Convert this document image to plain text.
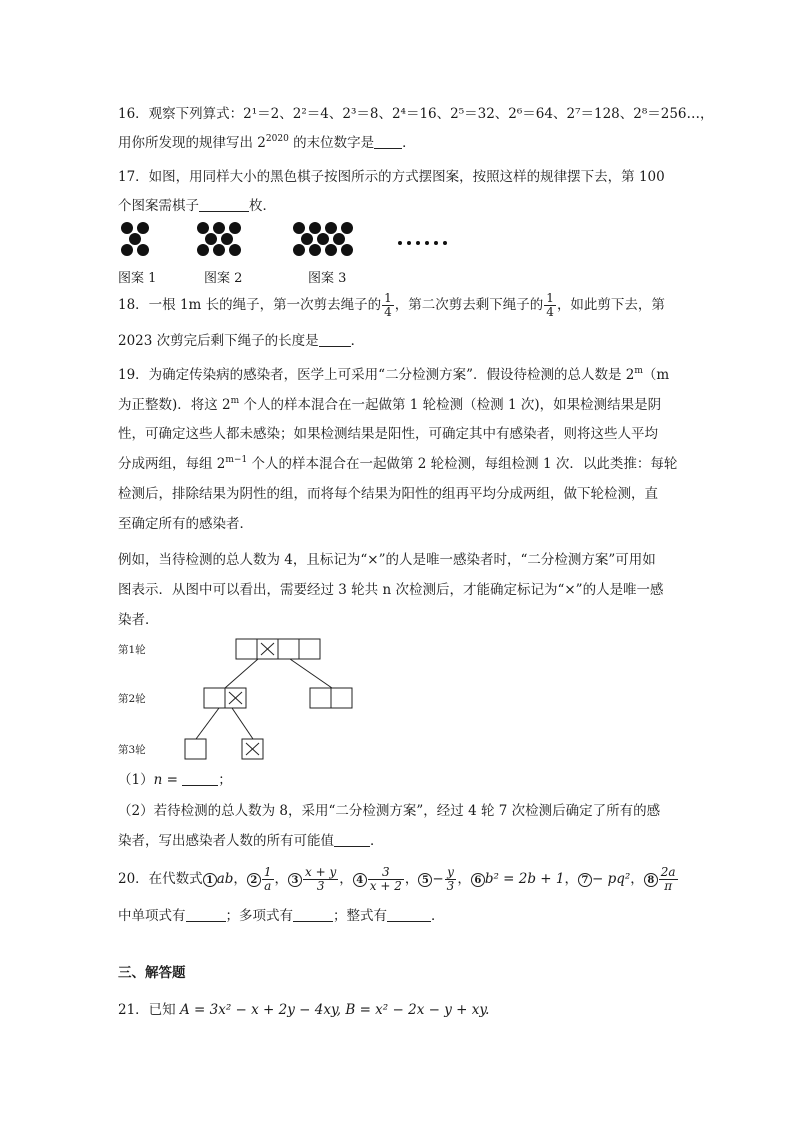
16．观察下列算式：2¹＝2、2²＝4、2³＝8、2⁴＝16、2⁵＝32、2⁶＝64、2⁷＝128、2⁸＝256…，
用你所发现的规律写出 $2^{2020}$ 的末位数字是 ．
17．如图，用同样大小的黑色棋子按图所示的方式摆图案，按照这样的规律摆下去，第 100
个图案需棋子	枚．
图案 1	图案 2	图案 3
18．一根 1m 长的绳子，第一次剪去绳子的 $\frac{1}{4}$ ，第二次剪去剩下绳子的 $\frac{1}{4}$ ，如此剪下去，第
2023 次剪完后剩下绳子的长度是 ．
19．为确定传染病的感染者，医学上可采用“二分检测方案”．假设待检测的总人数是 2$^m$（m
为正整数)．将这 2$^m$ 个人的样本混合在一起做第 1 轮检测（检测 1 次)，如果检测结果是阴
性，可确定这些人都未感染；如果检测结果是阳性，可确定其中有感染者，则将这些人平均
分成两组，每组 $2^{m-1}$ 个人的样本混合在一起做第 2 轮检测，每组检测 1 次．以此类推：每轮
检测后，排除结果为阴性的组，而将每个结果为阳性的组再平均分成两组，做下轮检测，直
至确定所有的感染者．
例如，当待检测的总人数为 4，且标记为“×”的人是唯一感染者时，“二分检测方案”可用如
图表示．从图中可以看出，需要经过 3 轮共 n 次检测后，才能确定标记为“×”的人是唯一感
染者．
第1轮
第2轮
第3轮
（1）n =	；
（2）若待检测的总人数为 8，采用“二分检测方案”，经过 4 轮 7 次检测后确定了所有的感
染者，写出感染者人数的所有可能值	．
20．在代数式 1 ab， $2 \frac{1}{a}$ ， $3 \frac{x + y}{3}$ ， $4 \frac{3}{x + 2}$ ， $5 - \frac{y}{3}$ ， 6 b² = 2b + 1， 7 − pq²， $8 \frac{2a}{\pi}$
中单项式有	；多项式有	；整式有	．
三、解答题
21．已知 A = 3x² − x + 2y − 4xy, B = x² − 2x − y + xy.
